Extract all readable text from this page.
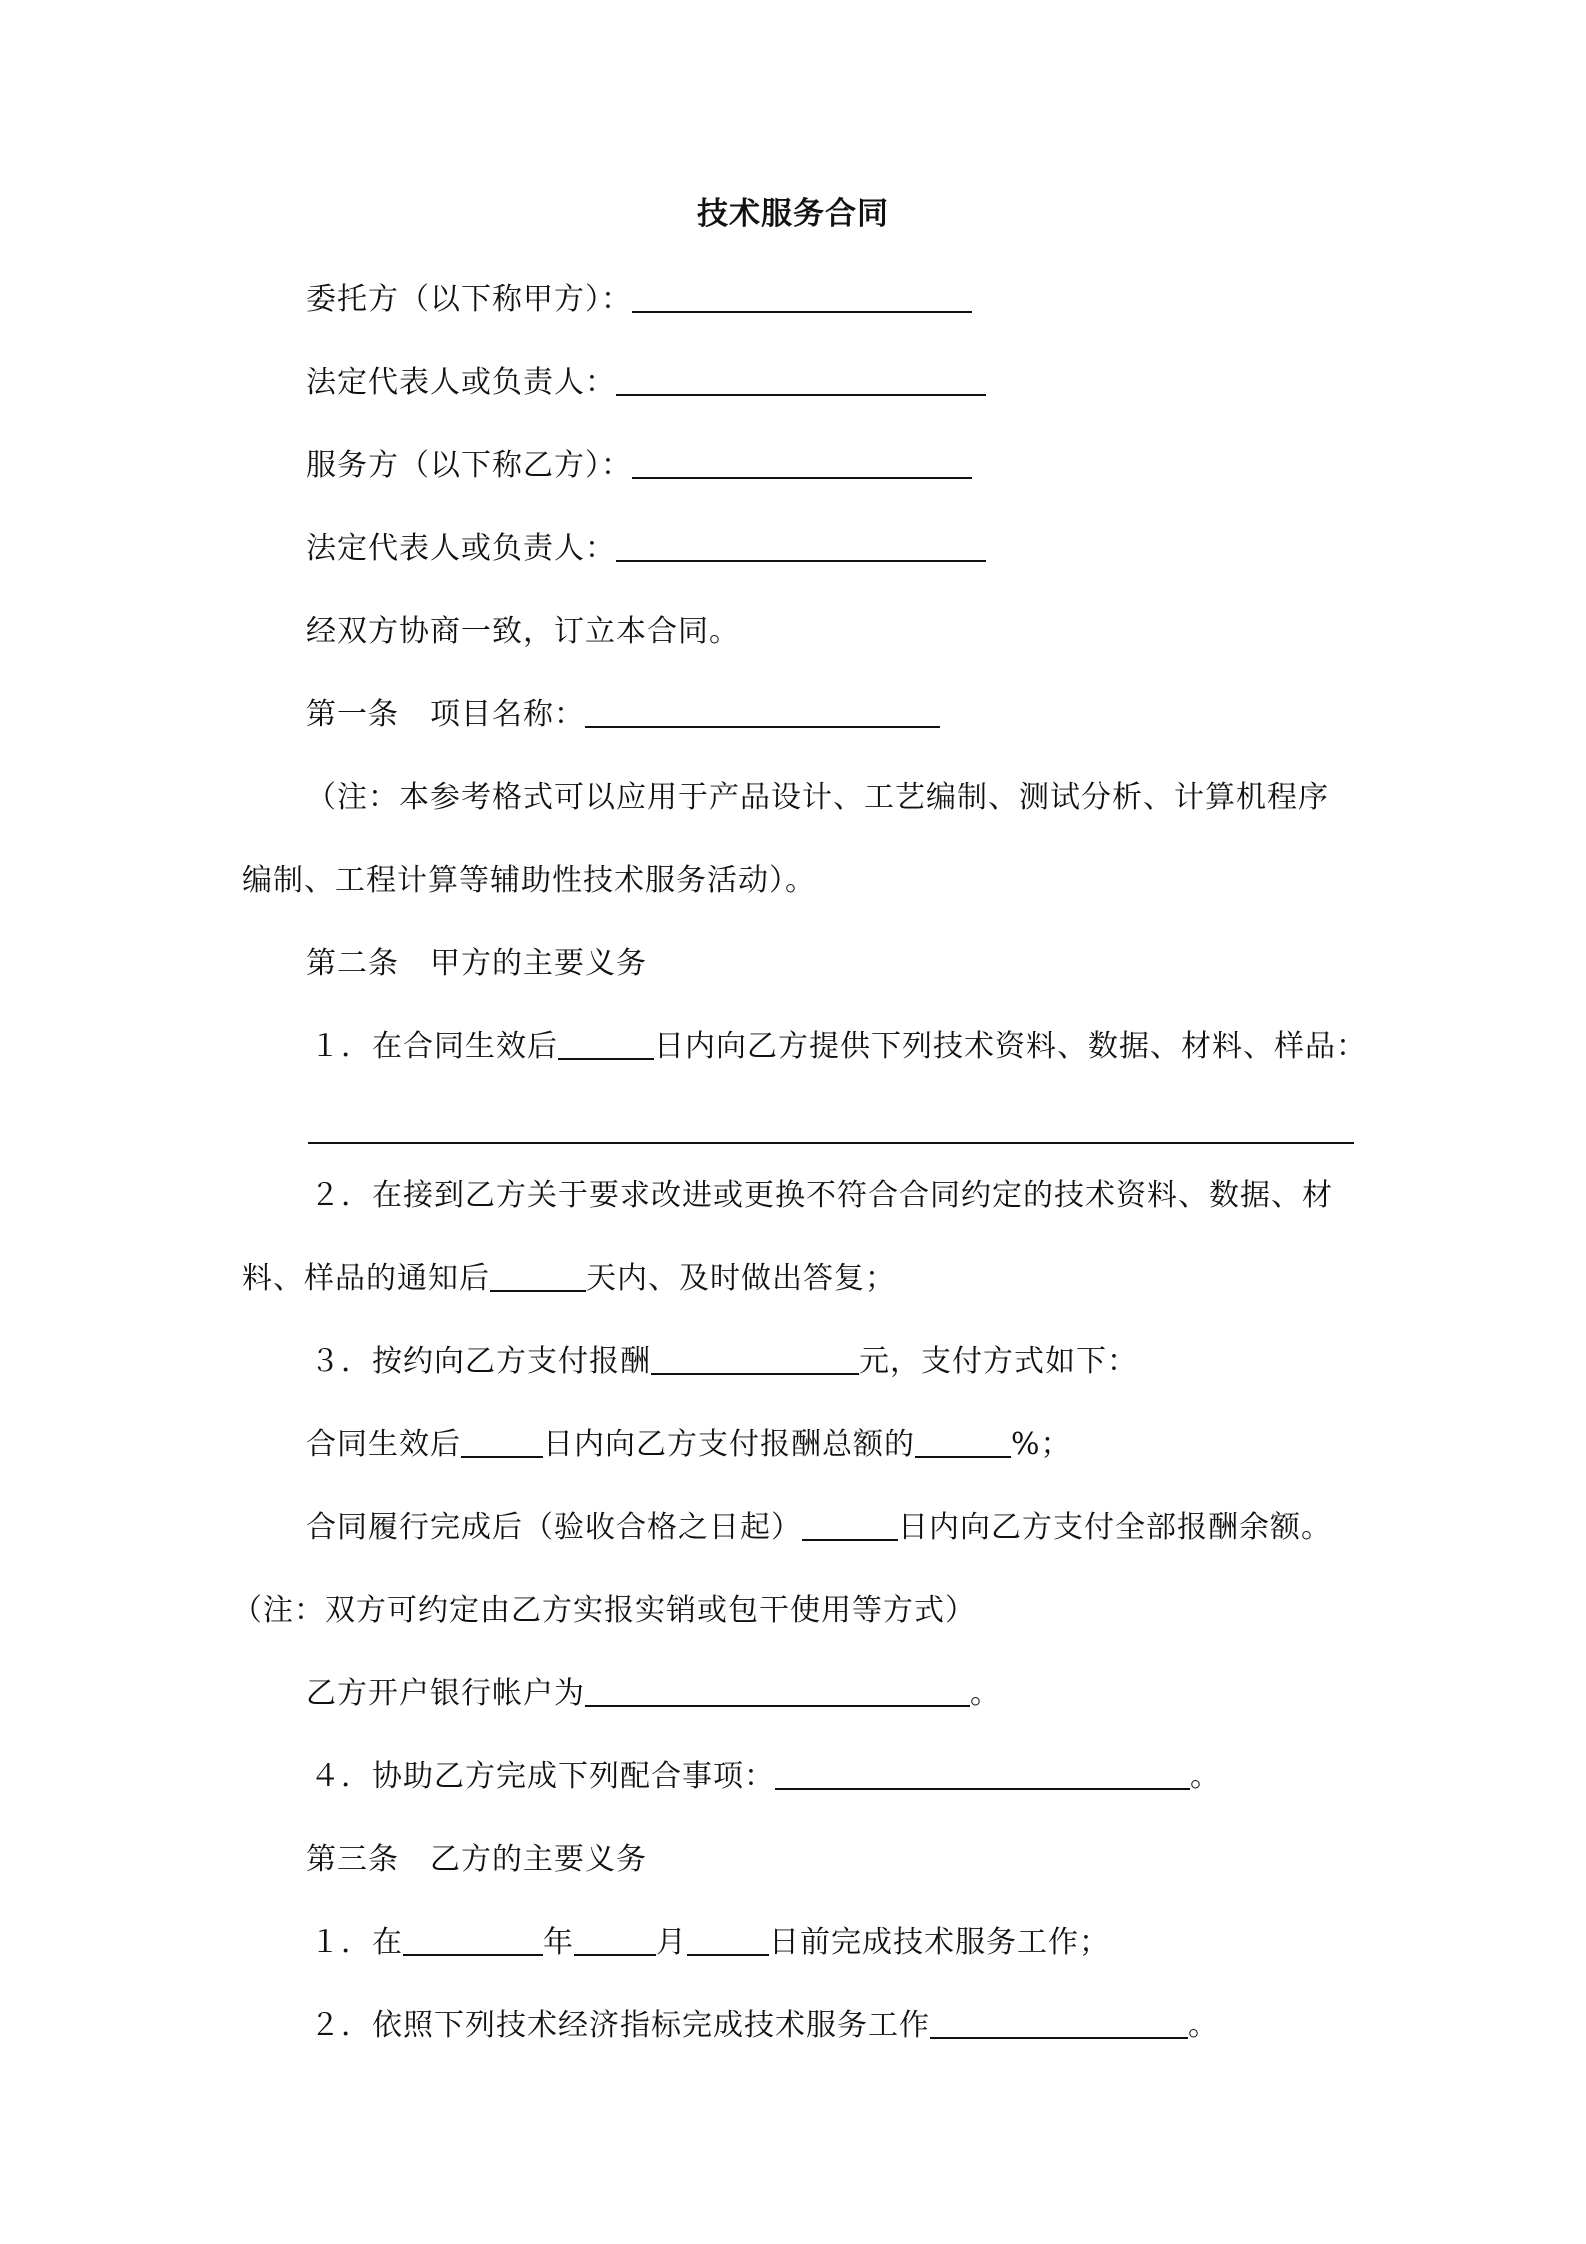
技术服务合同
委托方（以下称甲方）：
法定代表人或负责人：
服务方（以下称乙方）：
法定代表人或负责人：
经双方协商一致，订立本合同。
第一条　项目名称：
（注：本参考格式可以应用于产品设计、工艺编制、测试分析、计算机程序
编制、工程计算等辅助性技术服务活动）。
第二条　甲方的主要义务
１．在合同生效后	日内向乙方提供下列技术资料、数据、材料、样品：
２．在接到乙方关于要求改进或更换不符合合同约定的技术资料、数据、材
料、样品的通知后	天内、及时做出答复；
３．按约向乙方支付报酬	元，支付方式如下：
合同生效后	日内向乙方支付报酬总额的	%；
合同履行完成后（验收合格之日起）	日内向乙方支付全部报酬余额。
（注：双方可约定由乙方实报实销或包干使用等方式）
乙方开户银行帐户为	。
４．协助乙方完成下列配合事项：	。
第三条　乙方的主要义务
１．在	年	月	日前完成技术服务工作；
２．依照下列技术经济指标完成技术服务工作	。
